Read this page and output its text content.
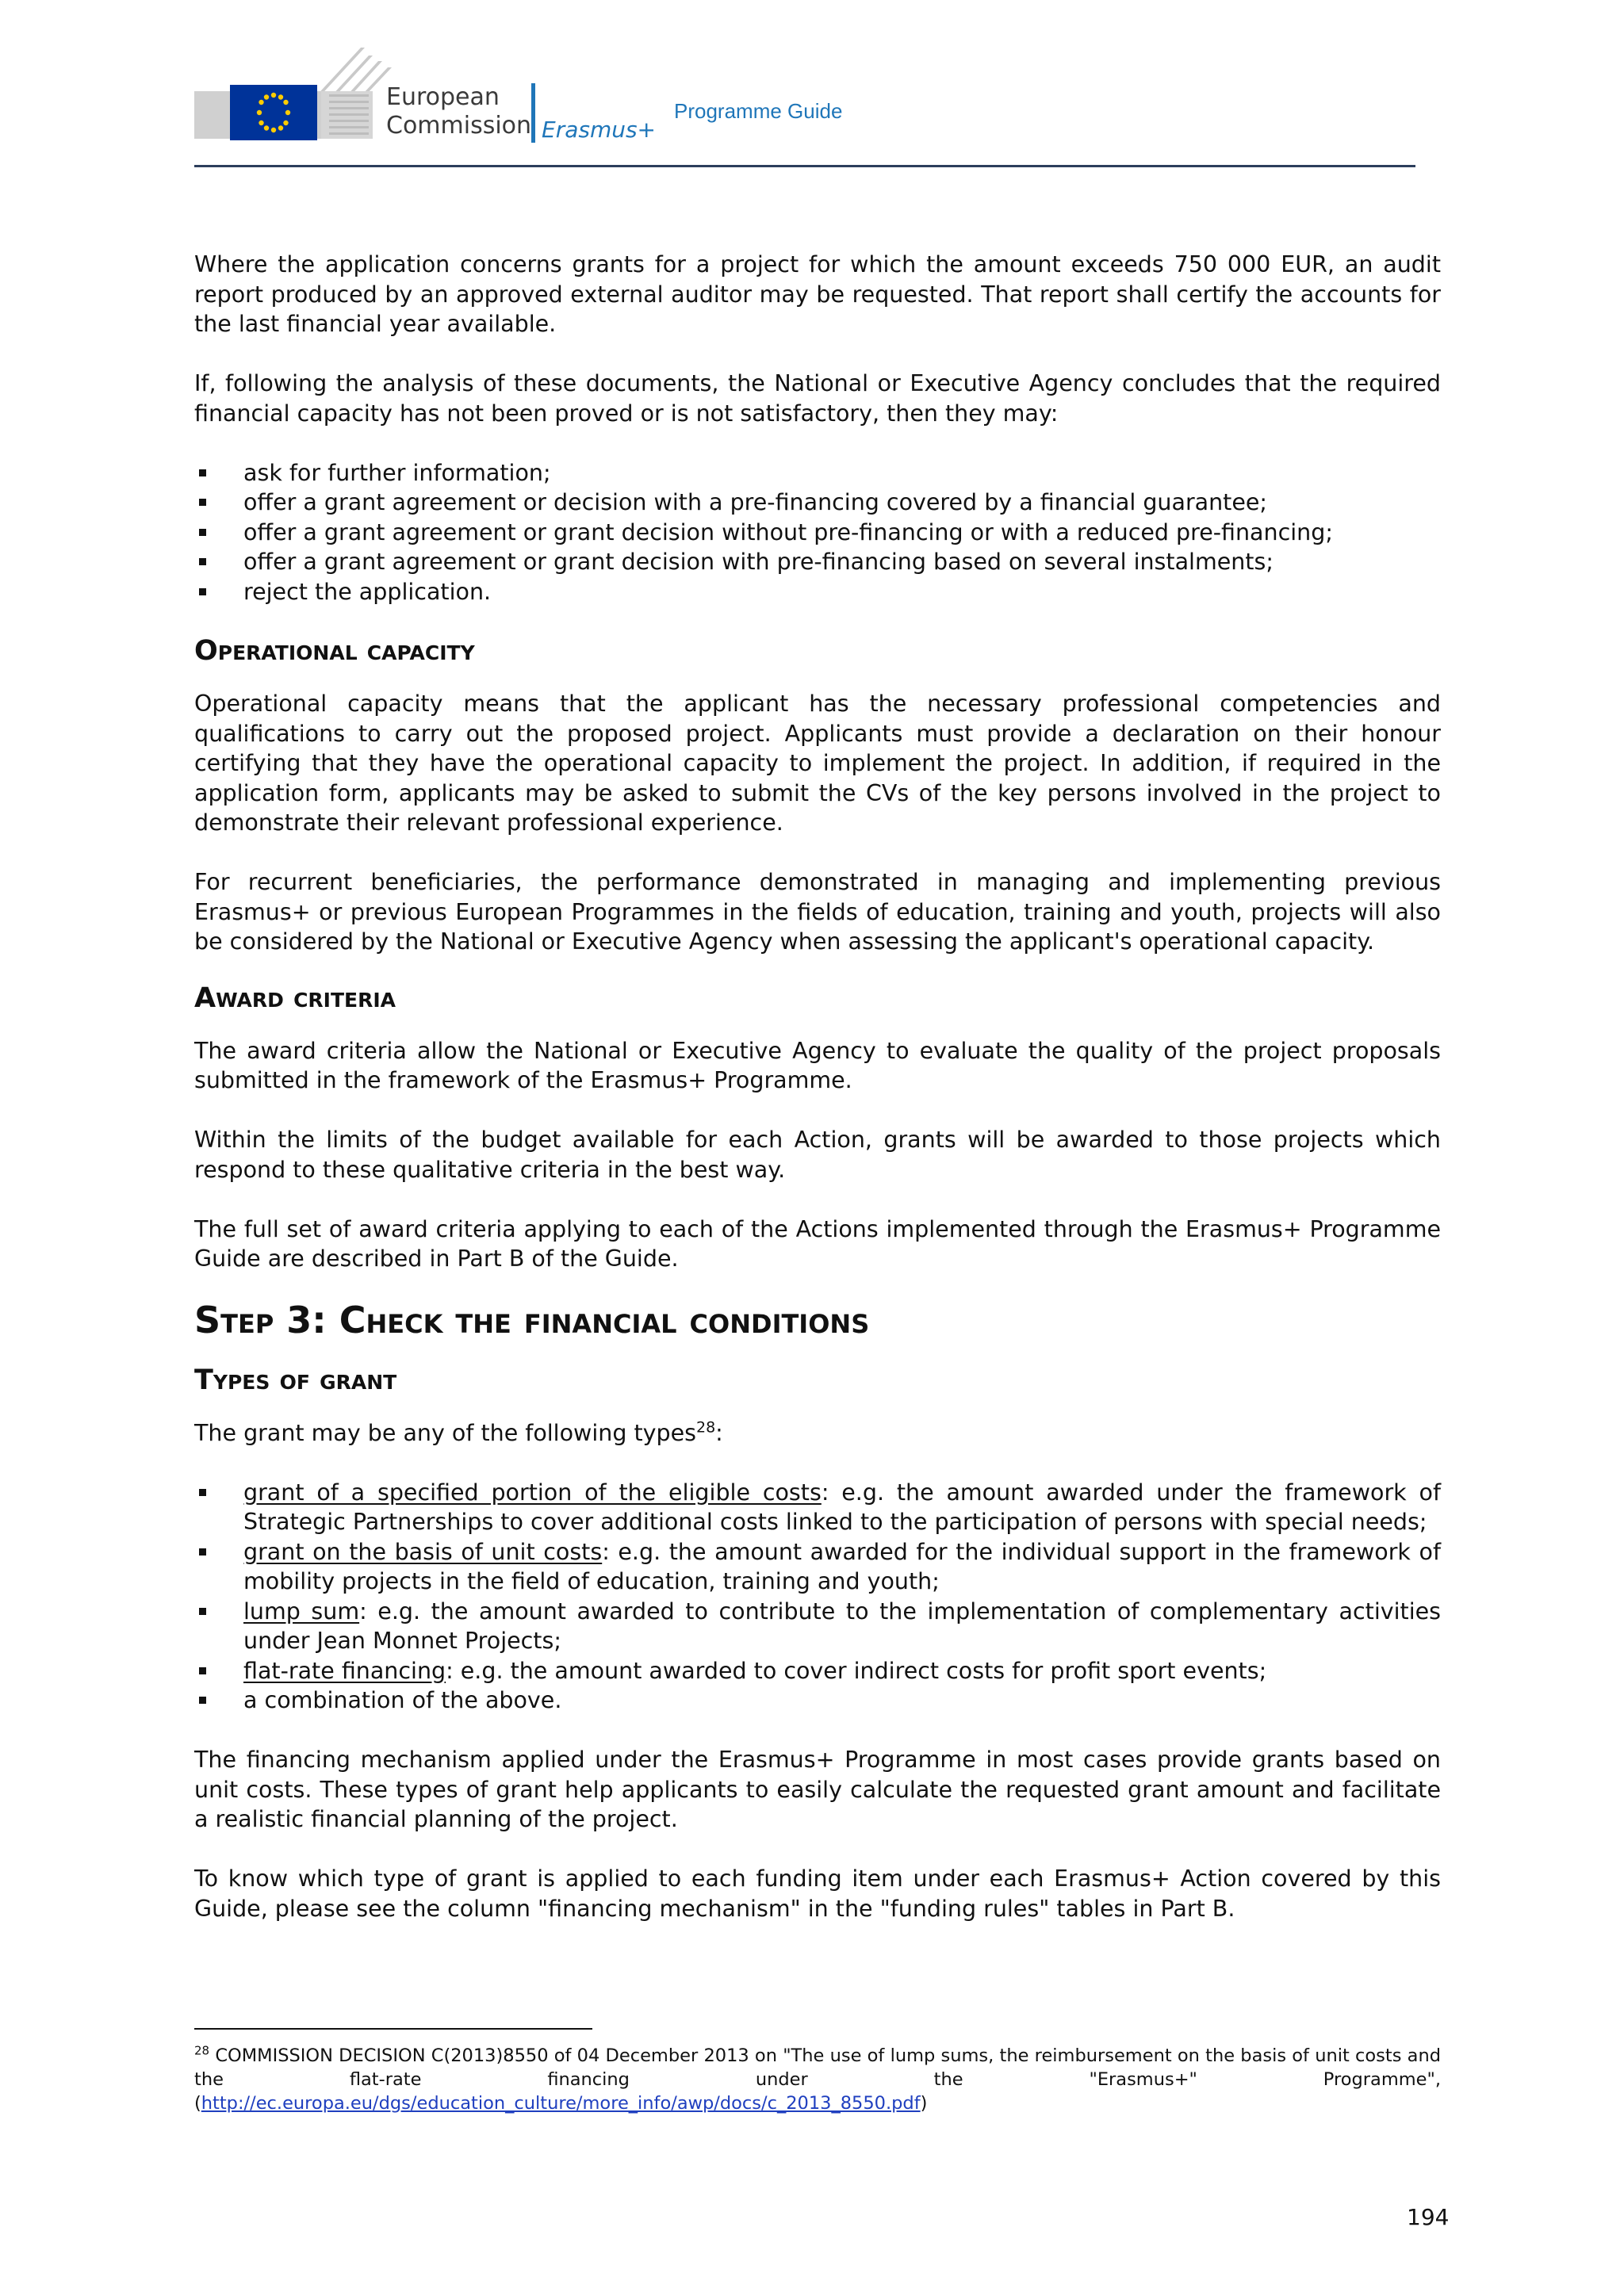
European
Commission Erasmus+
Programme Guide

Where the application concerns grants for a project for which the amount exceeds 750 000 EUR, an audit report produced by an approved external auditor may be requested. That report shall certify the accounts for the last financial year available.

If, following the analysis of these documents, the National or Executive Agency concludes that the required financial capacity has not been proved or is not satisfactory, then they may:

ask for further information;
offer a grant agreement or decision with a pre-financing covered by a financial guarantee;
offer a grant agreement or grant decision without pre-financing or with a reduced pre-financing;
offer a grant agreement or grant decision with pre-financing based on several instalments;
reject the application.
Operational capacity

Operational capacity means that the applicant has the necessary professional competencies and qualifications to carry out the proposed project. Applicants must provide a declaration on their honour certifying that they have the operational capacity to implement the project. In addition, if required in the application form, applicants may be asked to submit the CVs of the key persons involved in the project to demonstrate their relevant professional experience.

For recurrent beneficiaries, the performance demonstrated in managing and implementing previous Erasmus+ or previous European Programmes in the fields of education, training and youth, projects will also be considered by the National or Executive Agency when assessing the applicant's operational capacity.

Award criteria

The award criteria allow the National or Executive Agency to evaluate the quality of the project proposals submitted in the framework of the Erasmus+ Programme.

Within the limits of the budget available for each Action, grants will be awarded to those projects which respond to these qualitative criteria in the best way.

The full set of award criteria applying to each of the Actions implemented through the Erasmus+ Programme Guide are described in Part B of the Guide.

Step 3: Check the financial conditions
Types of grant

The grant may be any of the following types$^{28}$:

grant of a specified portion of the eligible costs: e.g. the amount awarded under the framework of Strategic Partnerships to cover additional costs linked to the participation of persons with special needs;
grant on the basis of unit costs: e.g. the amount awarded for the individual support in the framework of mobility projects in the field of education, training and youth;
lump sum: e.g. the amount awarded to contribute to the implementation of complementary activities under Jean Monnet Projects;
flat-rate financing: e.g. the amount awarded to cover indirect costs for profit sport events;
a combination of the above.

The financing mechanism applied under the Erasmus+ Programme in most cases provide grants based on unit costs. These types of grant help applicants to easily calculate the requested grant amount and facilitate a realistic financial planning of the project.

To know which type of grant is applied to each funding item under each Erasmus+ Action covered by this Guide, please see the column "financing mechanism" in the "funding rules" tables in Part B.

$^{28}$ COMMISSION DECISION C(2013)8550 of 04 December 2013 on "The use of lump sums, the reimbursement on the basis of unit costs and the flat-rate financing under the "Erasmus+" Programme", (http://ec.europa.eu/dgs/education_culture/more_info/awp/docs/c_2013_8550.pdf)
194
